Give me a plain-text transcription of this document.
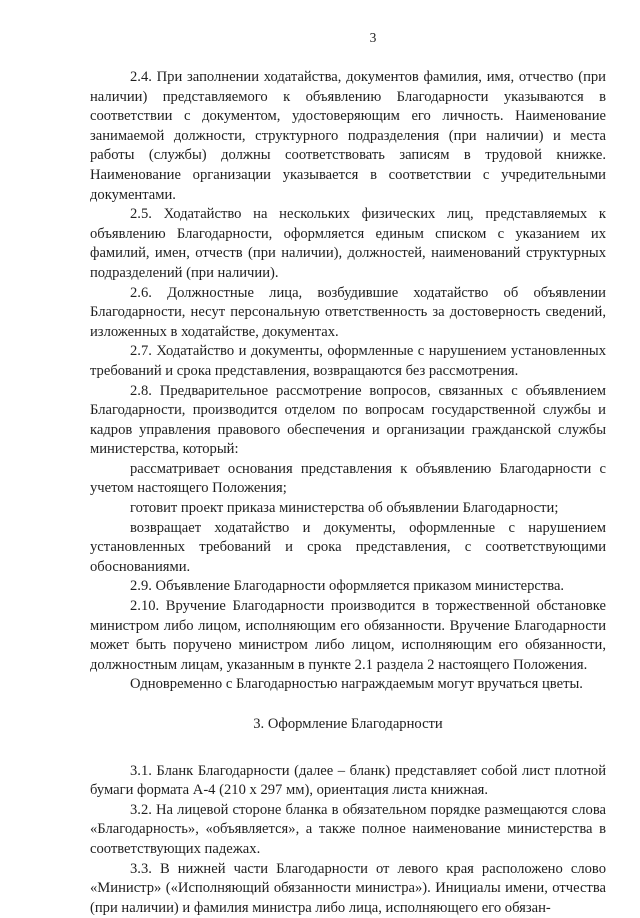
3

2.4. При заполнении ходатайства, документов фамилия, имя, отчество (при наличии) представляемого к объявлению Благодарности указываются в соответствии с документом, удостоверяющим его личность. Наименование занимаемой должности, структурного подразделения (при наличии) и места работы (службы) должны соответствовать записям в трудовой книжке. Наименование организации указывается в соответствии с учредительными документами.

2.5. Ходатайство на нескольких физических лиц, представляемых к объявлению Благодарности, оформляется единым списком с указанием их фамилий, имен, отчеств (при наличии), должностей, наименований структурных подразделений (при наличии).

2.6. Должностные лица, возбудившие ходатайство об объявлении Благодарности, несут персональную ответственность за достоверность сведений, изложенных в ходатайстве, документах.

2.7. Ходатайство и документы, оформленные с нарушением установленных требований и срока представления, возвращаются без рассмотрения.

2.8. Предварительное рассмотрение вопросов, связанных с объявлением Благодарности, производится отделом по вопросам государственной службы и кадров управления правового обеспечения и организации гражданской службы министерства, который:

рассматривает основания представления к объявлению Благодарности с учетом настоящего Положения;

готовит проект приказа министерства об объявлении Благодарности;

возвращает ходатайство и документы, оформленные с нарушением установленных требований и срока представления, с соответствующими обоснованиями.

2.9. Объявление Благодарности оформляется приказом министерства.

2.10. Вручение Благодарности производится в торжественной обстановке министром либо лицом, исполняющим его обязанности. Вручение Благодарности может быть поручено министром либо лицом, исполняющим его обязанности, должностным лицам, указанным в пункте 2.1 раздела 2 настоящего Положения.

Одновременно с Благодарностью награждаемым могут вручаться цветы.

3. Оформление Благодарности

3.1. Бланк Благодарности (далее – бланк) представляет собой лист плотной бумаги формата А-4 (210 х 297 мм), ориентация листа книжная.

3.2. На лицевой стороне бланка в обязательном порядке размещаются слова «Благодарность», «объявляется», а также полное наименование министерства в соответствующих падежах.

3.3. В нижней части Благодарности от левого края расположено слово «Министр» («Исполняющий обязанности министра»). Инициалы имени, отчества (при наличии) и фамилия министра либо лица, исполняющего его обязан-
